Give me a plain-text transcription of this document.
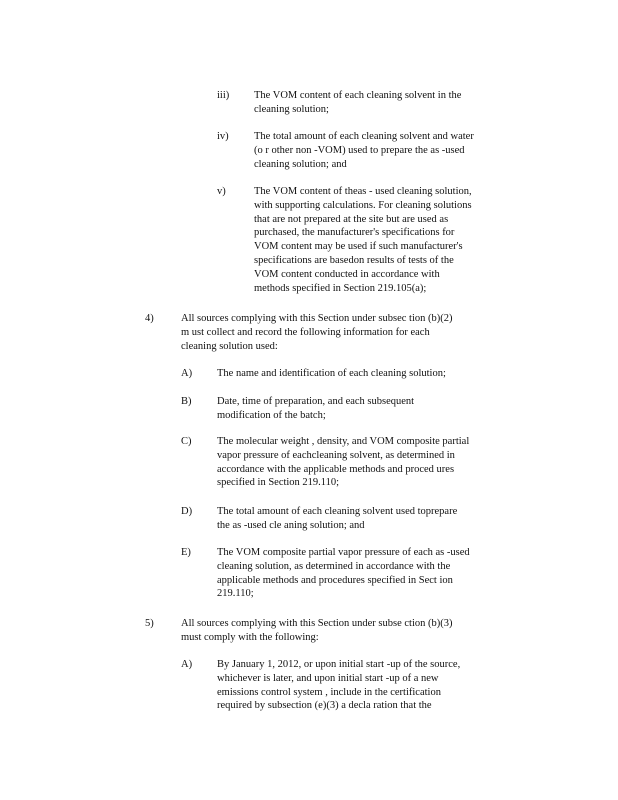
iii) The VOM content of each cleaning solvent in the
cleaning solution;
iv) The total amount of each cleaning solvent and water
(o r other non -VOM) used to prepare the as -used
cleaning solution; and
v)	The VOM content of theas - used cleaning solution,
with supporting calculations. For cleaning solutions
that are not prepared at the site but are used as
purchased, the manufacturer's specifications for
VOM content may be used if such manufacturer's
specifications are basedon results of tests of the
VOM content conducted in accordance with
methods specified in Section 219.105(a);
4)	All sources complying with this Section under subsec tion (b)(2)
m ust collect and record the following information for each
cleaning solution used:
A) The name and identification of each cleaning solution;
B) Date, time of preparation, and each subsequent
modification of the batch;
C) The molecular weight , density, and VOM composite partial
vapor pressure of eachcleaning solvent, as determined in
accordance with the applicable methods and proced ures
specified in Section 219.110;
D) The total amount of each cleaning solvent used toprepare
the as -used cle aning solution; and
E) The VOM composite partial vapor pressure of each as -used
cleaning solution, as determined in accordance with the
applicable methods and procedures specified in Sect ion
219.110;
5)	All sources complying with this Section under subse ction (b)(3)
must comply with the following:
A) By January 1, 2012, or upon initial start -up of the source,
whichever is later, and upon initial start -up of a new
emissions control system , include in the certification
required by subsection (e)(3) a decla ration that the
